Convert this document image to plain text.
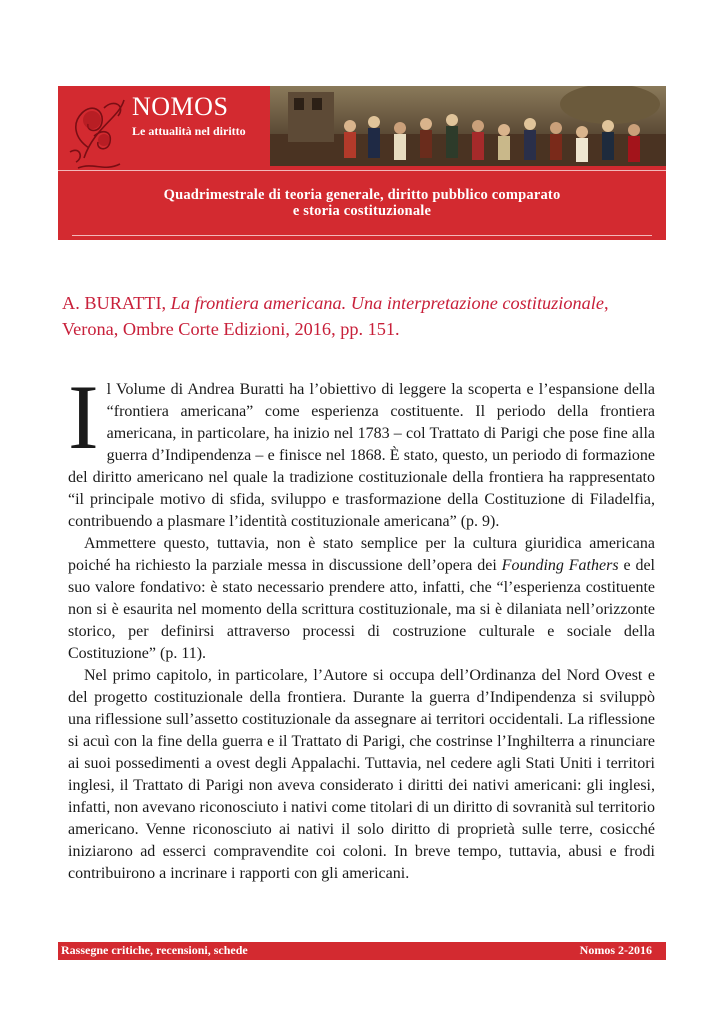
NOMOS
Le attualità nel diritto
Quadrimestrale di teoria generale, diritto pubblico comparato
e storia costituzionale
A. BURATTI, La frontiera americana. Una interpretazione costituzionale, Verona, Ombre Corte Edizioni, 2016, pp. 151.
I l Volume di Andrea Buratti ha l’obiettivo di leggere la scoperta e l’espansione della “frontiera americana” come esperienza costituente. Il periodo della frontiera americana, in particolare, ha inizio nel 1783 – col Trattato di Parigi che pose fine alla guerra d’Indipendenza – e finisce nel 1868. È stato, questo, un periodo di formazione del diritto americano nel quale la tradizione costituzionale della frontiera ha rappresentato “il principale motivo di sfida, sviluppo e trasformazione della Costituzione di Filadelfia, contribuendo a plasmare l’identità costituzionale americana” (p. 9).

Ammettere questo, tuttavia, non è stato semplice per la cultura giuridica americana poiché ha richiesto la parziale messa in discussione dell’opera dei Founding Fathers e del suo valore fondativo: è stato necessario prendere atto, infatti, che “l’esperienza costituente non si è esaurita nel momento della scrittura costituzionale, ma si è dilaniata nell’orizzonte storico, per definirsi attraverso processi di costruzione culturale e sociale della Costituzione” (p. 11).

Nel primo capitolo, in particolare, l’Autore si occupa dell’Ordinanza del Nord Ovest e del progetto costituzionale della frontiera. Durante la guerra d’Indipendenza si sviluppò una riflessione sull’assetto costituzionale da assegnare ai territori occidentali. La riflessione si acuì con la fine della guerra e il Trattato di Parigi, che costrinse l’Inghilterra a rinunciare ai suoi possedimenti a ovest degli Appalachi. Tuttavia, nel cedere agli Stati Uniti i territori inglesi, il Trattato di Parigi non aveva considerato i diritti dei nativi americani: gli inglesi, infatti, non avevano riconosciuto i nativi come titolari di un diritto di sovranità sul territorio americano. Venne riconosciuto ai nativi il solo diritto di proprietà sulle terre, cosicché iniziarono ad esserci compravendite coi coloni. In breve tempo, tuttavia, abusi e frodi contribuirono a incrinare i rapporti con gli americani.

Rassegne critiche, recensioni, schede	Nomos 2-2016
